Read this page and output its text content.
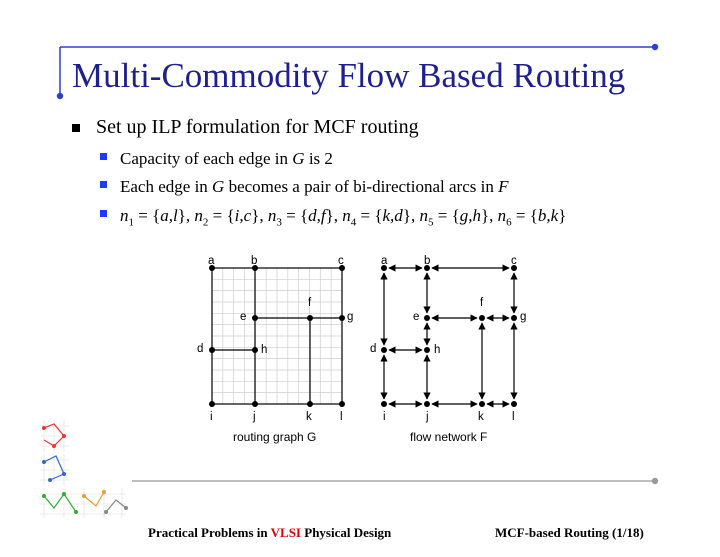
Multi-Commodity Flow Based Routing
Set up ILP formulation for MCF routing
Capacity of each edge in G is 2
Each edge in G becomes a pair of bi-directional arcs in F
$n_1 = \{a,l\}$, $n_2 = \{i,c\}$, $n_3 = \{d,f\}$, $n_4 = \{k,d\}$, $n_5 = \{g,h\}$, $n_6 = \{b,k\}$
a	b	c
e
f
g
d	h
i	j	k l
routing graph G
a	b	c
e
f
g
d	h
i	j	k l
flow network F
Practical Problems in VLSI Physical Design	MCF-based Routing (1/18)
